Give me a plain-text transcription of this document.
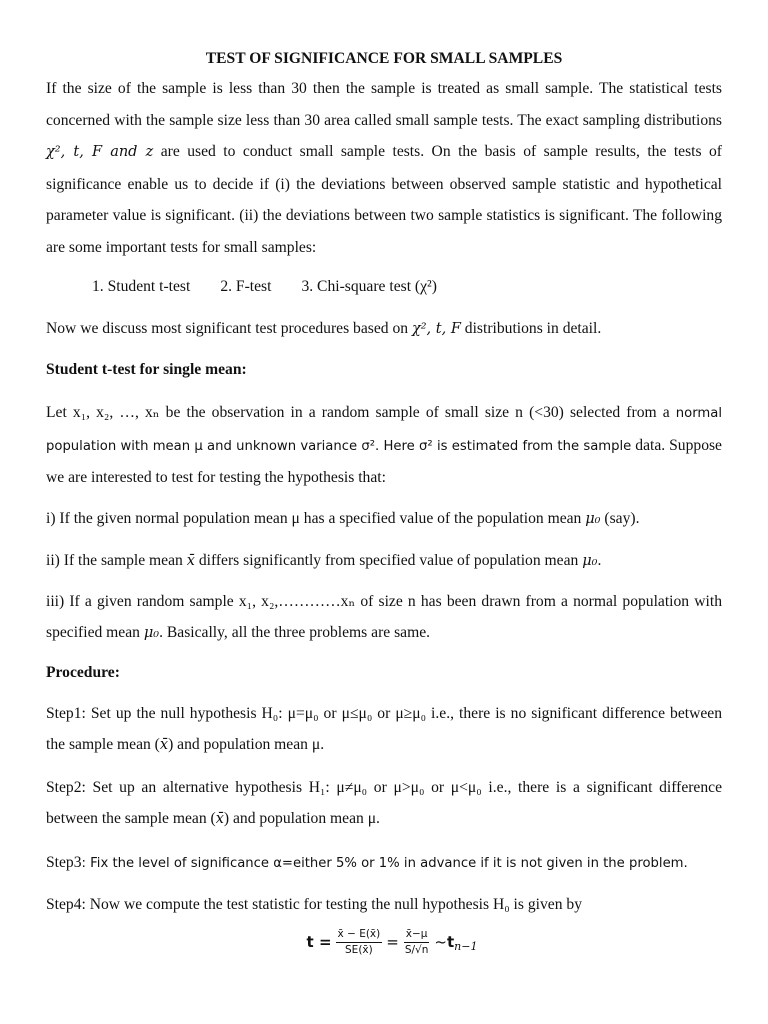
TEST OF SIGNIFICANCE FOR SMALL SAMPLES

If the size of the sample is less than 30 then the sample is treated as small sample. The statistical tests concerned with the sample size less than 30 area called small sample tests. The exact sampling distributions χ², t, F and z are used to conduct small sample tests. On the basis of sample results, the tests of significance enable us to decide if (i) the deviations between observed sample statistic and hypothetical parameter value is significant. (ii) the deviations between two sample statistics is significant. The following are some important tests for small samples:

1. Student t-test 2. F-test 3. Chi-square test (χ²)

Now we discuss most significant test procedures based on χ², t, F distributions in detail.

Student t-test for single mean:

Let x₁, x₂, …, xₙ be the observation in a random sample of small size n (<30) selected from a normal population with mean μ and unknown variance σ². Here σ² is estimated from the sample data. Suppose we are interested to test for testing the hypothesis that:

i) If the given normal population mean μ has a specified value of the population mean μ₀ (say).

ii) If the sample mean x̄ differs significantly from specified value of population mean μ₀.

iii) If a given random sample x₁, x₂,…………xₙ of size n has been drawn from a normal population with specified mean μ₀. Basically, all the three problems are same.

Procedure:

Step1: Set up the null hypothesis H₀: μ=μ₀ or μ≤μ₀ or μ≥μ₀ i.e., there is no significant difference between the sample mean (x̄) and population mean μ.

Step2: Set up an alternative hypothesis H₁: μ≠μ₀ or μ>μ₀ or μ<μ₀ i.e., there is a significant difference between the sample mean (x̄) and population mean μ.

Step3: Fix the level of significance α=either 5% or 1% in advance if it is not given in the problem.

Step4: Now we compute the test statistic for testing the null hypothesis H₀ is given by

$t = \frac{x̄ - E(x̄)}{SE(x̄)} = \frac{x̄-\mu}{S/√n}$ ~ t n−1
